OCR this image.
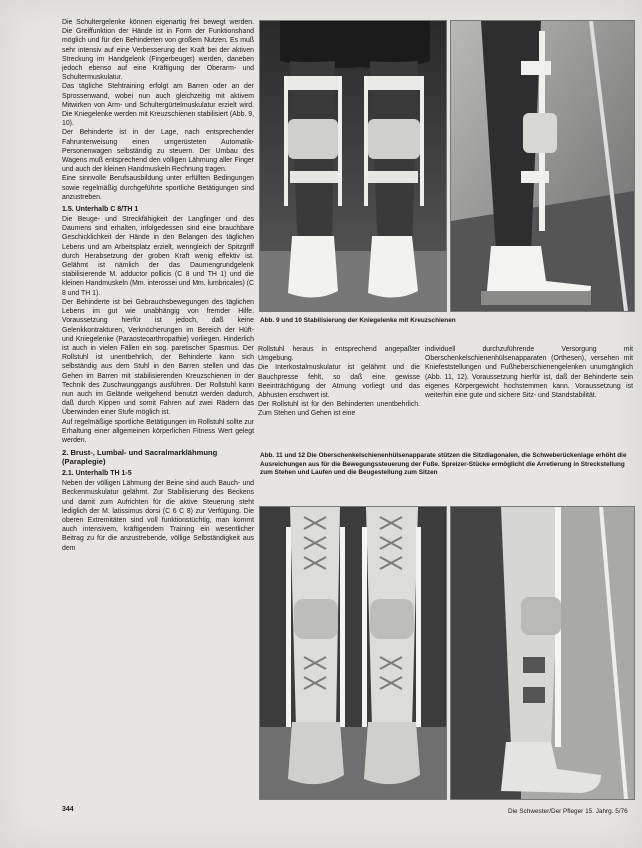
Die Schultergelenke können eigenartig frei bewegt werden. Die Greiffunktion der Hände ist in Form der Funktionshand möglich und für den Behinderten von großem Nutzen. Es muß sehr intensiv auf eine Verbesserung der Kraft bei der aktiven Streckung im Handgelenk (Fingerbeuger) werden, daneben jedoch ebenso auf eine Kräftigung der Oberarm- und Schultermuskulatur.

Das tägliche Stehtraining erfolgt am Barren oder an der Sprossenwand, wobei nun auch gleichzeitig mit aktivem Mitwirken von Arm- und Schultergürtelmuskulatur erzielt wird. Die Kniegelenke werden mit Kreuzschienen stabilisiert (Abb. 9, 10).

Der Behinderte ist in der Lage, nach entsprechender Fahrunterweisung einen umgerüsteten Automatik-Personenwagen selbständig zu steuern. Der Umbau des Wagens muß entsprechend den völligen Lähmung aller Finger und auch der kleinen Handmuskeln Rechnung tragen.

Eine sinnvolle Berufsausbildung unter erfüllten Bedingungen sowie regelmäßig durchgeführte sportliche Betätigungen sind anzustreben.

1.5. Unterhalb C 8/TH 1

Die Beuge- und Streckfähigkeit der Langfinger und des Daumens sind erhalten, infolgedessen sind eine brauchbare Geschicklichkeit der Hände in den Belangen des täglichen Lebens und am Arbeitsplatz erzielt, wenngleich der Spitzgriff durch Herabsetzung der groben Kraft wenig effektiv ist. Gelähmt ist nämlich der das Daumengrundgelenk stabilisierende M. adductor pollicis (C 8 und TH 1) und die kleinen Handmuskeln (Mm. interossei und Mm. lumbricales) (C 8 und TH 1).

Der Behinderte ist bei Gebrauchsbewegungen des täglichen Lebens im gut wie unabhängig von fremder Hilfe. Voraussetzung hierfür ist jedoch, daß keine Gelenkkontrakturen, Verknöcherungen im Bereich der Hüft- und Kniegelenke (Paraosteoarthropathie) vorliegen. Hinderlich ist auch in vielen Fällen ein sog. paretischer Spasmus. Der Rollstuhl ist unentbehrlich, der Behinderte kann sich selbständig aus dem Stuhl in den Barren stellen und das Gehen im Barren mit stabilisierenden Kreuzschienen in der Technik des Zuschwunggangs ausführen. Der Rollstuhl kann nun auch im Gelände weitgehend benutzt werden dadurch, daß durch Kippen und somit Fahren auf zwei Rädern das Überwinden einer Stufe möglich ist.

Auf regelmäßige sportliche Betätigungen im Rollstuhl sollte zur Erhaltung einer allgemeinen körperlichen Fitness Wert gelegt werden.

2. Brust-, Lumbal- und Sacralmarklähmung (Paraplegie)
2.1. Unterhalb TH 1-5

Neben der völligen Lähmung der Beine sind auch Bauch- und Beckenmuskulatur gelähmt. Zur Stabilisierung des Beckens und damit zum Aufrichten für die aktive Steuerung steht lediglich der M. latissimus dorsi (C 6 C 8) zur Verfügung. Die oberen Extremitäten sind voll funktionstüchtig, man kommt auch intensivem, kräftigendem Training ein wesentlicher Beitrag zu für die anzustrebende, völlige Selbständigkeit aus dem

Abb. 9 und 10 Stabilisierung der Kniegelenke mit Kreuzschienen

Rollstuhl heraus in entsprechend angepaßter Umgebung.

Die Interkostalmuskulatur ist gelähmt und die Bauchpresse fehlt, so daß eine gewisse Beeinträchtigung der Atmung vorliegt und das Abhusten erschwert ist.

Der Rollstuhl ist für den Behinderten unentbehrlich. Zum Stehen und Gehen ist eine

individuell durchzuführende Versorgung mit Oberschenkelschienenhülsenapparaten (Orthesen), versehen mit Kniefeststellungen und Fußheberschienengelenken unumgänglich (Abb. 11, 12). Voraussetzung hierfür ist, daß der Behinderte sein eigenes Körpergewicht hochstemmen kann. Voraussetzung ist weiterhin eine gute und sichere Sitz- und Standstabilität.

Abb. 11 und 12 Die Oberschenkelschienenhülsenapparate stützen die Sitzdiagonalen, die Schweberückenlage erhöht die Ausreichungen aus für die Bewegungssteuerung der Fuße. Spreizer-Stücke ermöglicht die Arretierung in Streckstellung zum Stehen und Laufen und die Beugestellung zum Sitzen

344	Die Schwester/Der Pfleger 15. Jahrg. 5/76
